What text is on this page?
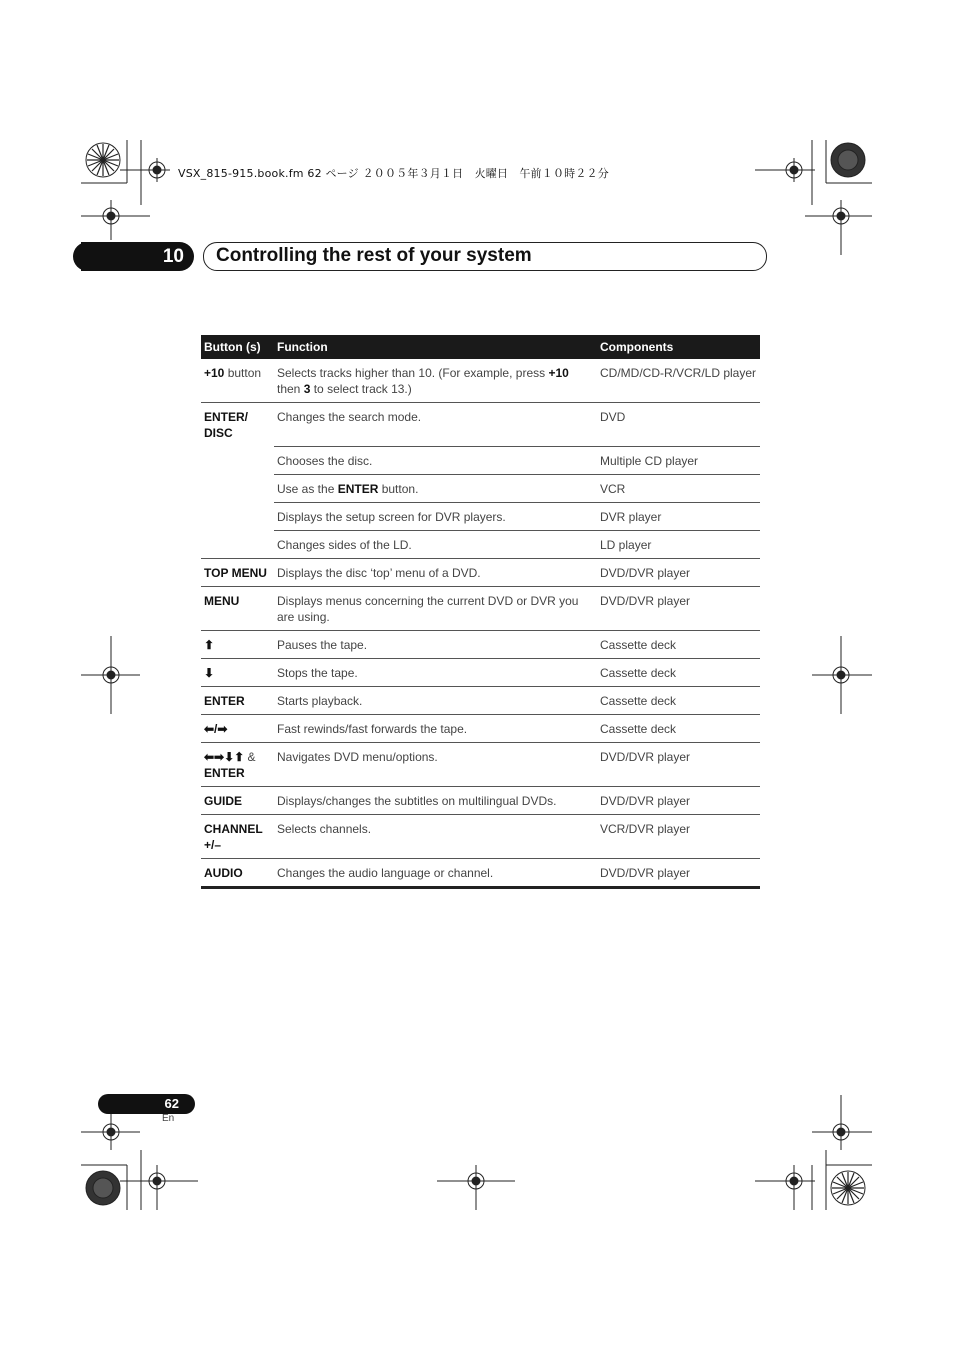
VSX_815-915.book.fm 62 ページ ２００５年３月１日　火曜日　午前１０時２２分
10	Controlling the rest of your system
Button (s)	Function	Components
+10 button	Selects tracks higher than 10. (For example, press +10 then 3 to select track 13.)	CD/MD/CD-R/VCR/LD player
ENTER/ DISC	Changes the search mode.	DVD
	Chooses the disc.	Multiple CD player
	Use as the ENTER button.	VCR
	Displays the setup screen for DVR players.	DVR player
	Changes sides of the LD.	LD player
TOP MENU	Displays the disc ‘top’ menu of a DVD.	DVD/DVR player
MENU	Displays menus concerning the current DVD or DVR you are using.	DVD/DVR player
⬆	Pauses the tape.	Cassette deck
⬇	Stops the tape.	Cassette deck
ENTER	Starts playback.	Cassette deck
⬅/➡	Fast rewinds/fast forwards the tape.	Cassette deck
⬅➡⬇⬆ & ENTER	Navigates DVD menu/options.	DVD/DVR player
GUIDE	Displays/changes the subtitles on multilingual DVDs.	DVD/DVR player
CHANNEL +/–	Selects channels.	VCR/DVR player
AUDIO	Changes the audio language or channel.	DVD/DVR player
62
En
